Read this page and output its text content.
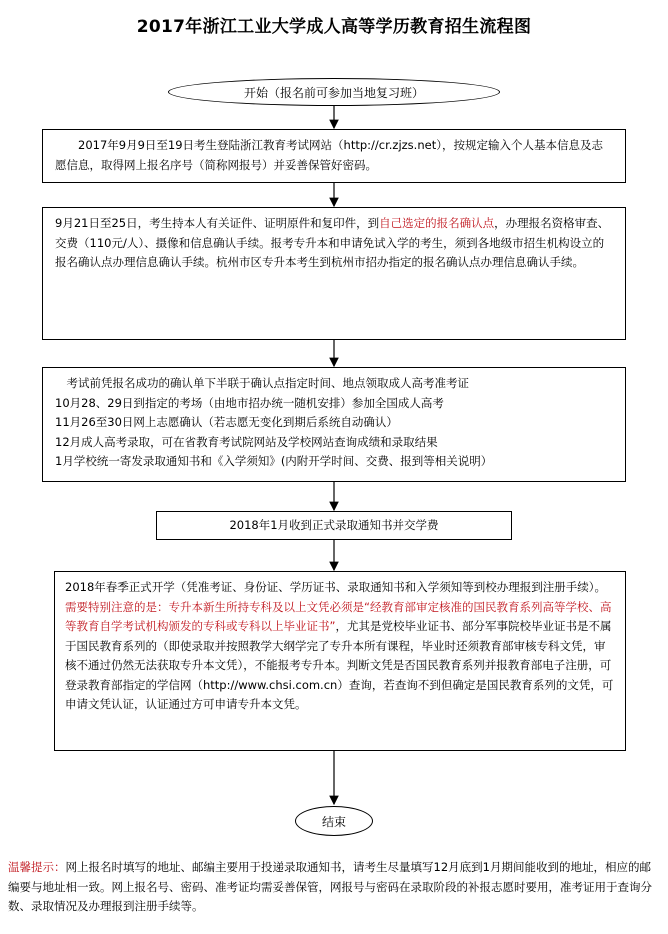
2017年浙江工业大学成人高等学历教育招生流程图
开始（报名前可参加当地复习班）

2017年9月9日至19日考生登陆浙江教育考试网站（http://cr.zjzs.net），按规定输入个人基本信息及志愿信息，取得网上报名序号（简称网报号）并妥善保管好密码。

9月21日至25日，考生持本人有关证件、证明原件和复印件，到自己选定的报名确认点，办理报名资格审查、交费（110元/人）、摄像和信息确认手续。报考专升本和申请免试入学的考生，须到各地级市招生机构设立的报名确认点办理信息确认手续。杭州市区专升本考生到杭州市招办指定的报名确认点办理信息确认手续。

考试前凭报名成功的确认单下半联于确认点指定时间、地点领取成人高考准考证

10月28、29日到指定的考场（由地市招办统一随机安排）参加全国成人高考

11月26至30日网上志愿确认（若志愿无变化到期后系统自动确认）

12月成人高考录取，可在省教育考试院网站及学校网站查询成绩和录取结果

1月学校统一寄发录取通知书和《入学须知》(内附开学时间、交费、报到等相关说明）

2018年1月收到正式录取通知书并交学费

2018年春季正式开学（凭准考证、身份证、学历证书、录取通知书和入学须知等到校办理报到注册手续）。需要特别注意的是：专升本新生所持专科及以上文凭必须是“经教育部审定核准的国民教育系列高等学校、高等教育自学考试机构颁发的专科或专科以上毕业证书”，尤其是党校毕业证书、部分军事院校毕业证书是不属于国民教育系列的（即使录取并按照教学大纲学完了专升本所有课程，毕业时还须教育部审核专科文凭，审核不通过仍然无法获取专升本文凭），不能报考专升本。判断文凭是否国民教育系列并报教育部电子注册，可登录教育部指定的学信网（http://www.chsi.com.cn）查询，若查询不到但确定是国民教育系列的文凭，可申请文凭认证，认证通过方可申请专升本文凭。

结束
温馨提示：网上报名时填写的地址、邮编主要用于投递录取通知书，请考生尽量填写12月底到1月期间能收到的地址，相应的邮编要与地址相一致。网上报名号、密码、准考证均需妥善保管，网报号与密码在录取阶段的补报志愿时要用，准考证用于查询分数、录取情况及办理报到注册手续等。
